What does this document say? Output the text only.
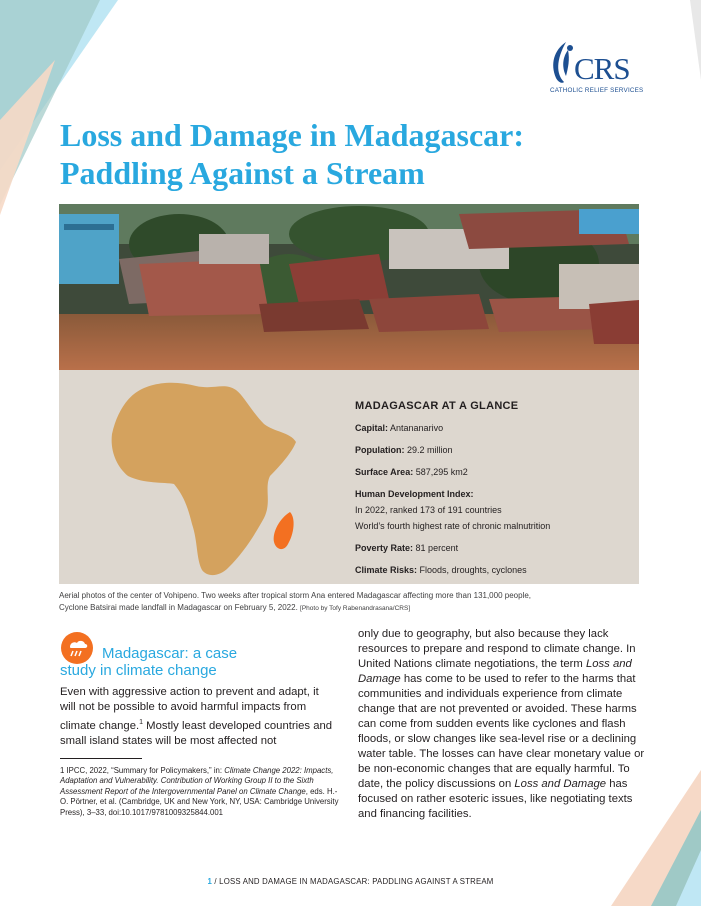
CRS
CATHOLIC RELIEF SERVICES
Loss and Damage in Madagascar:
Paddling Against a Stream
MADAGASCAR AT A GLANCE
Capital: Antananarivo
Population: 29.2 million
Surface Area: 587,295 km2
Human Development Index:
In 2022, ranked 173 of 191 countries
World’s fourth highest rate of chronic malnutrition
Poverty Rate: 81 percent
Climate Risks: Floods, droughts, cyclones
Aerial photos of the center of Vohipeno. Two weeks after tropical storm Ana entered Madagascar affecting more than 131,000 people,
Cyclone Batsirai made landfall in Madagascar on February 5, 2022. [Photo by Tofy Rabenandrasana/CRS]
Madagascar: a case
study in climate change
Even with aggressive action to prevent and adapt, it will not be possible to avoid harmful impacts from climate change.$^1$ Mostly least developed countries and small island states will be most affected not
1 IPCC, 2022, “Summary for Policymakers,” in: Climate Change 2022: Impacts, Adaptation and Vulnerability. Contribution of Working Group II to the Sixth Assessment Report of the Intergovernmental Panel on Climate Change, eds. H.-O. Pörtner, et al. (Cambridge, UK and New York, NY, USA: Cambridge University Press), 3–33, doi:10.1017/9781009325844.001
only due to geography, but also because they lack resources to prepare and respond to climate change. In United Nations climate negotiations, the term Loss and Damage has come to be used to refer to the harms that communities and individuals experience from climate change that are not prevented or avoided. These harms can come from sudden events like cyclones and flash floods, or slow changes like sea-level rise or a declining water table. The losses can have clear monetary value or be non-economic changes that are equally harmful. To date, the policy discussions on Loss and Damage has focused on rather esoteric issues, like negotiating texts and financing facilities.
1 / LOSS AND DAMAGE IN MADAGASCAR: PADDLING AGAINST A STREAM
